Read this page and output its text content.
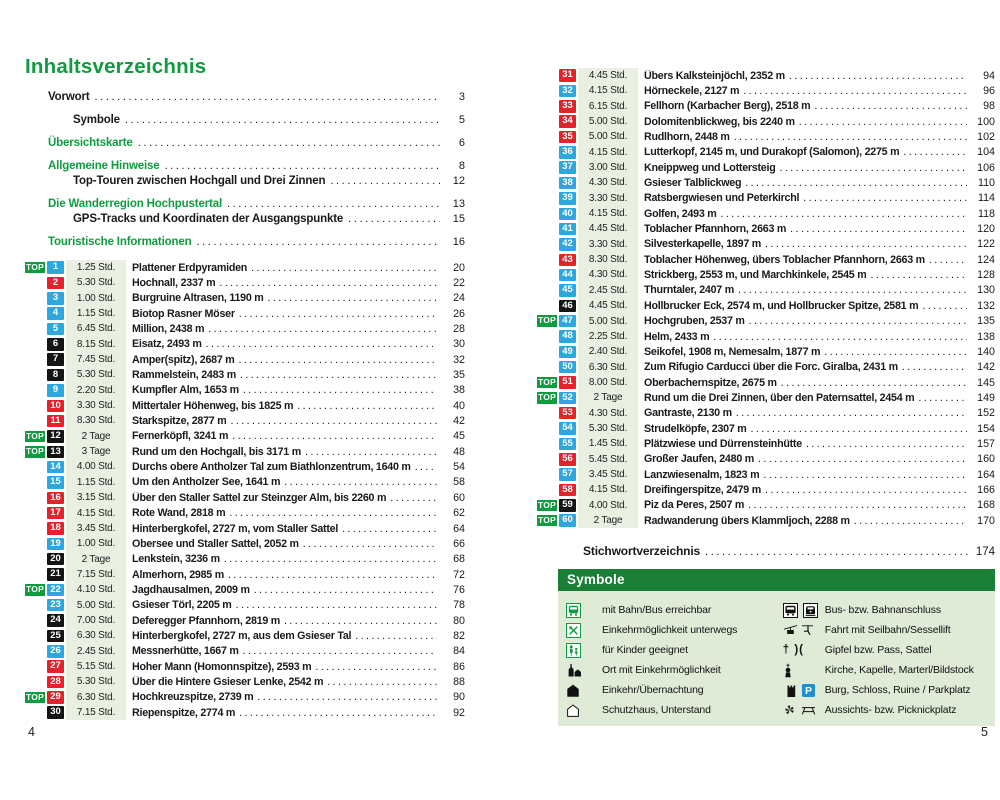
Inhaltsverzeichnis
Vorwort .....	3
Symbole .....	5
Übersichtskarte .....	6
Allgemeine Hinweise .....	8
Top-Touren zwischen Hochgall und Drei Zinnen .....	12
Die Wanderregion Hochpustertal .....	13
GPS-Tracks und Koordinaten der Ausgangspunkte .....	15
Touristische Informationen .....	16
TOP 1	1.25 Std.	Plattener Erdpyramiden .....	20
2	5.30 Std.	Hochnall, 2337 m .....	22
3	1.00 Std.	Burgruine Altrasen, 1190 m .....	24
4	1.15 Std.	Biotop Rasner Möser .....	26
5	6.45 Std.	Million, 2438 m .....	28
6	8.15 Std.	Eisatz, 2493 m .....	30
7	7.45 Std.	Amper(spitz), 2687 m .....	32
8	5.30 Std.	Rammelstein, 2483 m .....	35
9	2.20 Std.	Kumpfler Alm, 1653 m .....	38
10	3.30 Std.	Mittertaler Höhenweg, bis 1825 m .....	40
11	8.30 Std.	Starkspitze, 2877 m .....	42
TOP 12	2 Tage	Fernerköpfl, 3241 m .....	45
TOP 13	3 Tage	Rund um den Hochgall, bis 3171 m .....	48
14	4.00 Std.	Durchs obere Antholzer Tal zum Biathlonzentrum, 1640 m .....	54
15	1.15 Std.	Um den Antholzer See, 1641 m .....	58
16	3.15 Std.	Über den Staller Sattel zur Steinzger Alm, bis 2260 m .....	60
17	4.15 Std.	Rote Wand, 2818 m .....	62
18	3.45 Std.	Hinterbergkofel, 2727 m, vom Staller Sattel .....	64
19	1.00 Std.	Obersee und Staller Sattel, 2052 m .....	66
20	2 Tage	Lenkstein, 3236 m .....	68
21	7.15 Std.	Almerhorn, 2985 m .....	72
TOP 22	4.10 Std.	Jagdhausalmen, 2009 m .....	76
23	5.00 Std.	Gsieser Törl, 2205 m .....	78
24	7.00 Std.	Deferegger Pfannhorn, 2819 m .....	80
25	6.30 Std.	Hinterbergkofel, 2727 m, aus dem Gsieser Tal .....	82
26	2.45 Std.	Messnerhütte, 1667 m .....	84
27	5.15 Std.	Hoher Mann (Homonnspitze), 2593 m .....	86
28	5.30 Std.	Über die Hintere Gsieser Lenke, 2542 m .....	88
TOP 29	6.30 Std.	Hochkreuzspitze, 2739 m .....	90
30	7.15 Std.	Riepenspitze, 2774 m .....	92
31	4.45 Std.	Übers Kalksteinjöchl, 2352 m .....	94
32	4.15 Std.	Hörneckele, 2127 m .....	96
33	6.15 Std.	Fellhorn (Karbacher Berg), 2518 m .....	98
34	5.00 Std.	Dolomitenblickweg, bis 2240 m .....	100
35	5.00 Std.	Rudlhorn, 2448 m .....	102
36	4.15 Std.	Lutterkopf, 2145 m, und Durakopf (Salomon), 2275 m .....	104
37	3.00 Std.	Kneippweg und Lottersteig .....	106
38	4.30 Std.	Gsieser Talblickweg .....	110
39	3.30 Std.	Ratsbergwiesen und Peterkirchl .....	114
40	4.15 Std.	Golfen, 2493 m .....	118
41	4.45 Std.	Toblacher Pfannhorn, 2663 m .....	120
42	3.30 Std.	Silvesterkapelle, 1897 m .....	122
43	8.30 Std.	Toblacher Höhenweg, übers Toblacher Pfannhorn, 2663 m .....	124
44	4.30 Std.	Strickberg, 2553 m, und Marchkinkele, 2545 m .....	128
45	2.45 Std.	Thurntaler, 2407 m .....	130
46	4.45 Std.	Hollbrucker Eck, 2574 m, und Hollbrucker Spitze, 2581 m .....	132
TOP 47	5.00 Std.	Hochgruben, 2537 m .....	135
48	2.25 Std.	Helm, 2433 m .....	138
49	2.40 Std.	Seikofel, 1908 m, Nemesalm, 1877 m .....	140
50	6.30 Std.	Zum Rifugio Carducci über die Forc. Giralba, 2431 m .....	142
TOP 51	8.00 Std.	Oberbachernspitze, 2675 m .....	145
TOP 52	2 Tage	Rund um die Drei Zinnen, über den Paternsattel, 2454 m .....	149
53	4.30 Std.	Gantraste, 2130 m .....	152
54	5.30 Std.	Strudelköpfe, 2307 m .....	154
55	1.45 Std.	Plätzwiese und Dürrensteinhütte .....	157
56	5.45 Std.	Großer Jaufen, 2480 m .....	160
57	3.45 Std.	Lanzwiesenalm, 1823 m .....	164
58	4.15 Std.	Dreifingerspitze, 2479 m .....	166
TOP 59	4.00 Std.	Piz da Peres, 2507 m .....	168
TOP 60	2 Tage	Radwanderung übers Klammljoch, 2288 m .....	170
Stichwortverzeichnis .....	174
Symbole
mit Bahn/Bus erreichbar
Einkehrmöglichkeit unterwegs
für Kinder geeignet
Ort mit Einkehrmöglichkeit
Einkehr/Übernachtung
Schutzhaus, Unterstand
Bus- bzw. Bahnanschluss
Fahrt mit Seilbahn/Sessellift
† )( Gipfel bzw. Pass, Sattel
Kirche, Kapelle, Marterl/Bildstock
P Burg, Schloss, Ruine / Parkplatz
Aussichts- bzw. Picknickplatz
4	5
